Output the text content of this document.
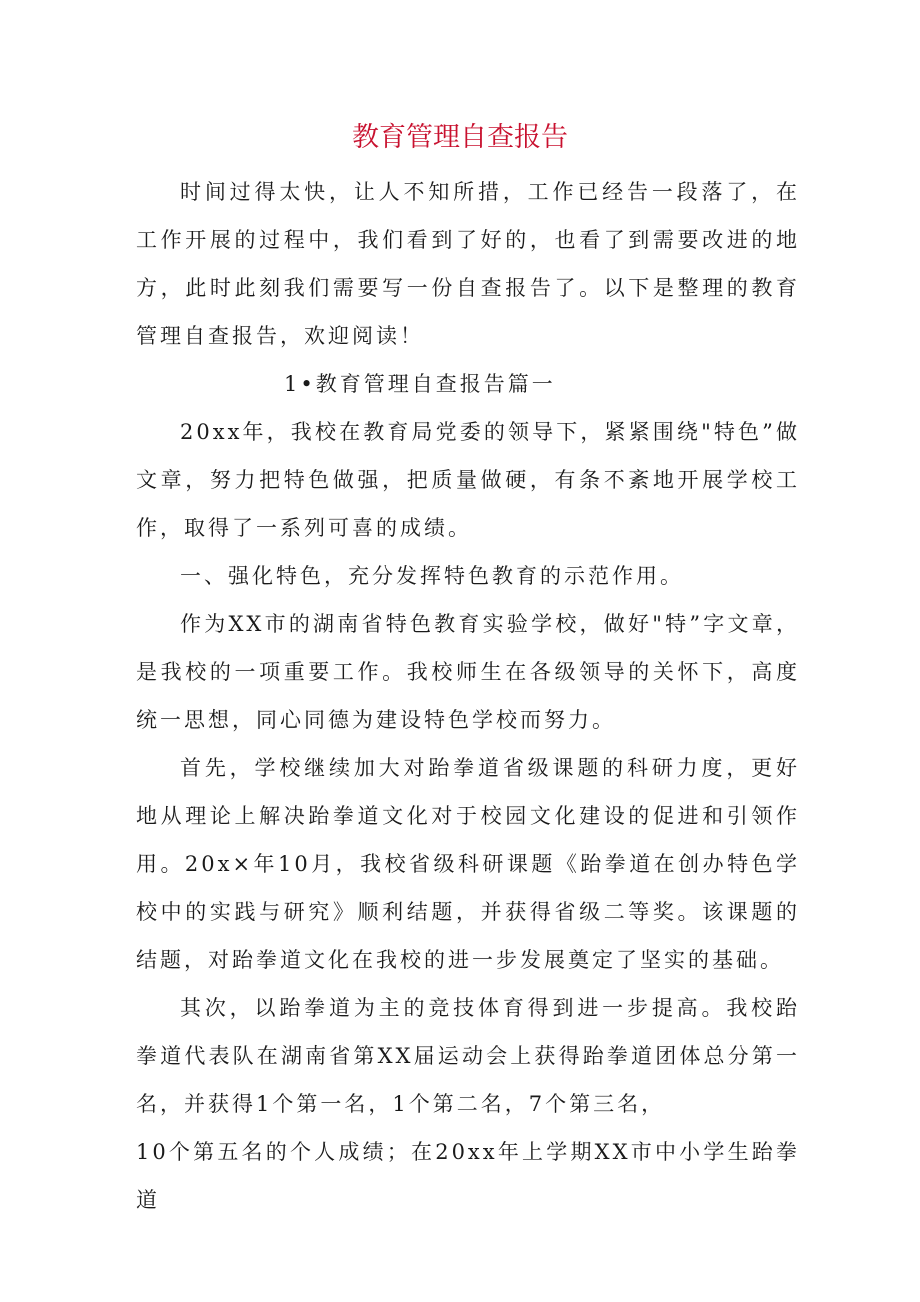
教育管理自查报告

时间过得太快，让人不知所措，工作已经告一段落了，在工作开展的过程中，我们看到了好的，也看了到需要改进的地方，此时此刻我们需要写一份自查报告了。以下是整理的教育管理自查报告，欢迎阅读！

1•教育管理自查报告篇一

20xx年，我校在教育局党委的领导下，紧紧围绕"特色”做文章，努力把特色做强，把质量做硬，有条不紊地开展学校工作，取得了一系列可喜的成绩。

一、强化特色，充分发挥特色教育的示范作用。

作为XX市的湖南省特色教育实验学校，做好"特”字文章，是我校的一项重要工作。我校师生在各级领导的关怀下，高度统一思想，同心同德为建设特色学校而努力。

首先，学校继续加大对跆拳道省级课题的科研力度，更好地从理论上解决跆拳道文化对于校园文化建设的促进和引领作用。20x×年10月，我校省级科研课题《跆拳道在创办特色学校中的实践与研究》顺利结题，并获得省级二等奖。该课题的结题，对跆拳道文化在我校的进一步发展奠定了坚实的基础。

其次，以跆拳道为主的竞技体育得到进一步提高。我校跆拳道代表队在湖南省第XX届运动会上获得跆拳道团体总分第一名，并获得1个第一名，1个第二名，7个第三名，

10个第五名的个人成绩；在20xx年上学期XX市中小学生跆拳道
